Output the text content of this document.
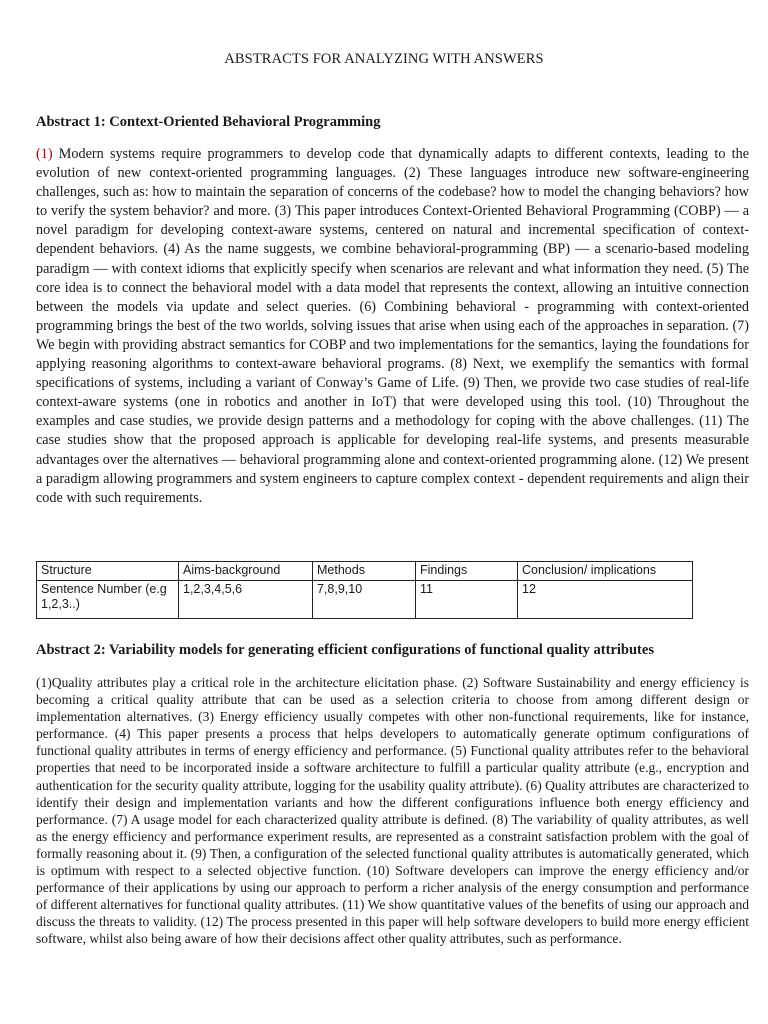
ABSTRACTS FOR ANALYZING WITH ANSWERS
Abstract 1: Context-Oriented Behavioral Programming

(1) Modern systems require programmers to develop code that dynamically adapts to different contexts, leading to the evolution of new context-oriented programming languages. (2) These languages introduce new software-engineering challenges, such as: how to maintain the separation of concerns of the codebase? how to model the changing behaviors? how to verify the system behavior? and more. (3) This paper introduces Context-Oriented Behavioral Programming (COBP) — a novel paradigm for developing context-aware systems, centered on natural and incremental specification of context-dependent behaviors. (4) As the name suggests, we combine behavioral-programming (BP) — a scenario-based modeling paradigm — with context idioms that explicitly specify when scenarios are relevant and what information they need. (5) The core idea is to connect the behavioral model with a data model that represents the context, allowing an intuitive connection between the models via update and select queries. (6) Combining behavioral - programming with context-oriented programming brings the best of the two worlds, solving issues that arise when using each of the approaches in separation. (7) We begin with providing abstract semantics for COBP and two implementations for the semantics, laying the foundations for applying reasoning algorithms to context-aware behavioral programs. (8) Next, we exemplify the semantics with formal specifications of systems, including a variant of Conway’s Game of Life. (9) Then, we provide two case studies of real-life context-aware systems (one in robotics and another in IoT) that were developed using this tool. (10) Throughout the examples and case studies, we provide design patterns and a methodology for coping with the above challenges. (11) The case studies show that the proposed approach is applicable for developing real-life systems, and presents measurable advantages over the alternatives — behavioral programming alone and context-oriented programming alone. (12) We present a paradigm allowing programmers and system engineers to capture complex context - dependent requirements and align their code with such requirements.

Structure	Aims-background	Methods	Findings	Conclusion/ implications
Sentence Number (e.g 1,2,3..)	1,2,3,4,5,6	7,8,9,10	11	12
Abstract 2: Variability models for generating efficient configurations of functional quality attributes

(1)Quality attributes play a critical role in the architecture elicitation phase. (2) Software Sustainability and energy efficiency is becoming a critical quality attribute that can be used as a selection criteria to choose from among different design or implementation alternatives. (3) Energy efficiency usually competes with other non-functional requirements, like for instance, performance. (4) This paper presents a process that helps developers to automatically generate optimum configurations of functional quality attributes in terms of energy efficiency and performance. (5) Functional quality attributes refer to the behavioral properties that need to be incorporated inside a software architecture to fulfill a particular quality attribute (e.g., encryption and authentication for the security quality attribute, logging for the usability quality attribute). (6) Quality attributes are characterized to identify their design and implementation variants and how the different configurations influence both energy efficiency and performance. (7) A usage model for each characterized quality attribute is defined. (8) The variability of quality attributes, as well as the energy efficiency and performance experiment results, are represented as a constraint satisfaction problem with the goal of formally reasoning about it. (9) Then, a configuration of the selected functional quality attributes is automatically generated, which is optimum with respect to a selected objective function. (10) Software developers can improve the energy efficiency and/or performance of their applications by using our approach to perform a richer analysis of the energy consumption and performance of different alternatives for functional quality attributes. (11) We show quantitative values of the benefits of using our approach and discuss the threats to validity. (12) The process presented in this paper will help software developers to build more energy efficient software, whilst also being aware of how their decisions affect other quality attributes, such as performance.
